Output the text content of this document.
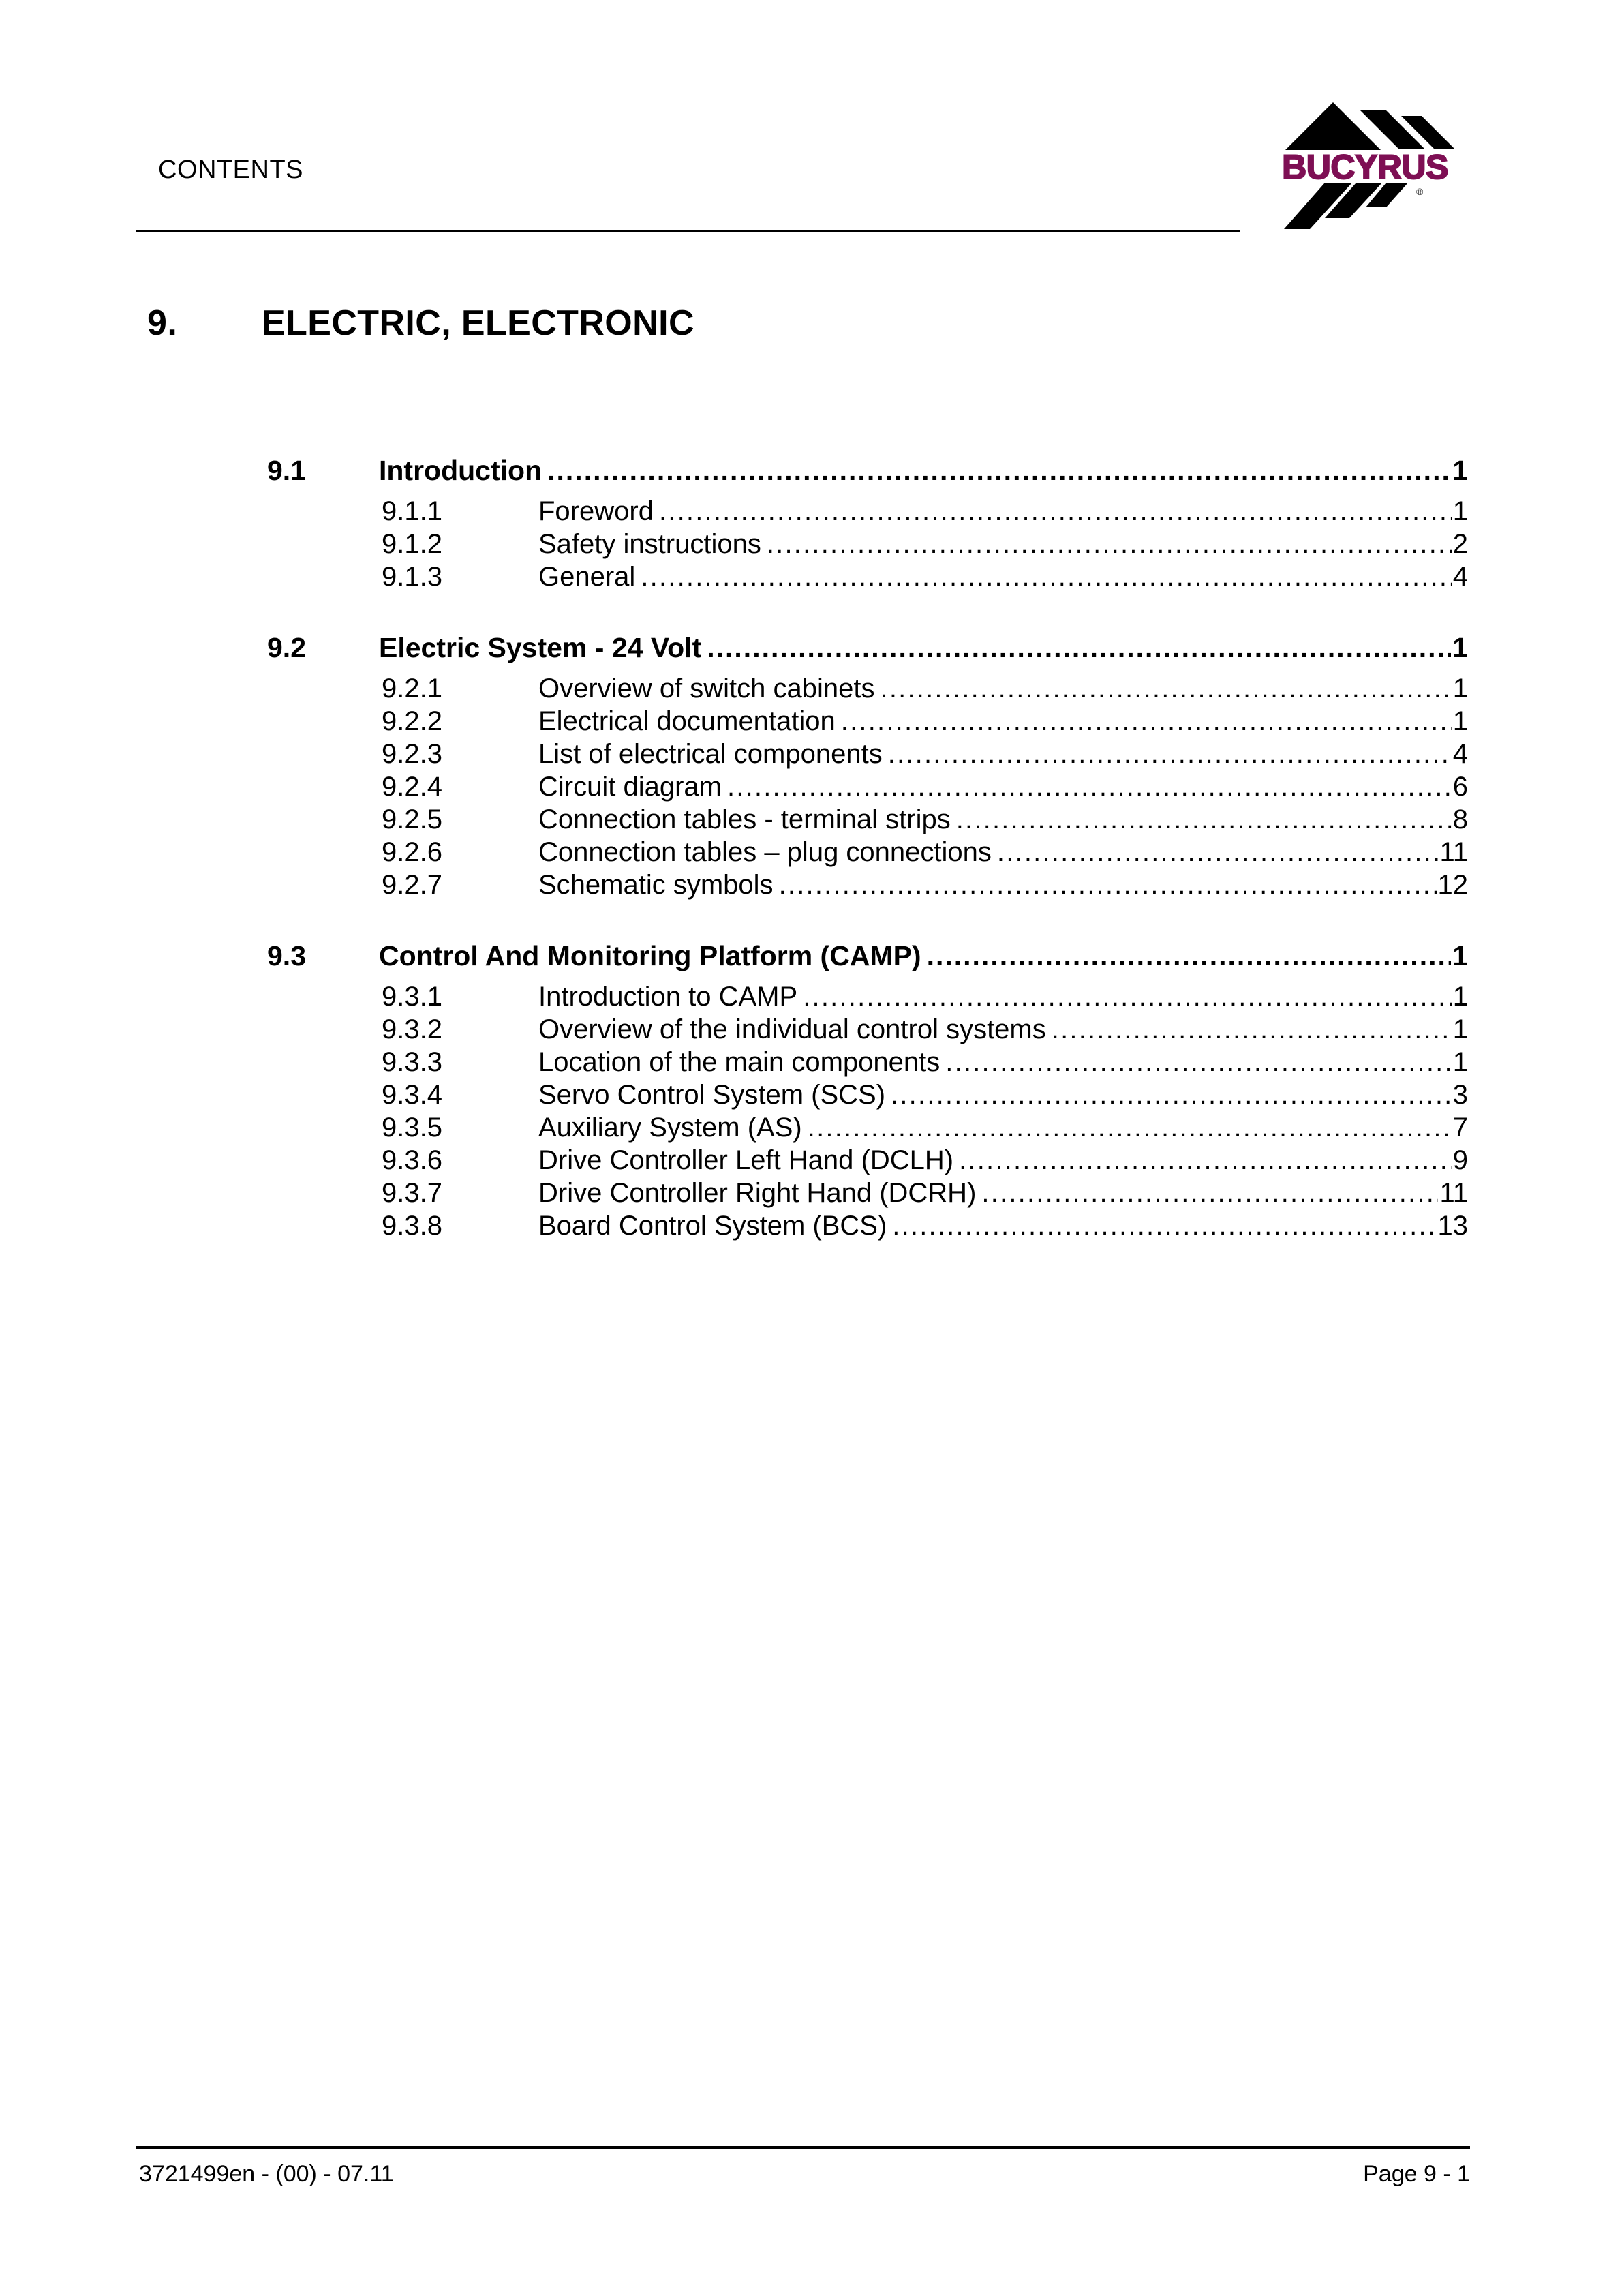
CONTENTS	BUCYRUS
®
9. ELECTRIC, ELECTRONIC
9.1	Introduction .....	1
9.1.1	Foreword .....	1
9.1.2	Safety instructions .....	2
9.1.3	General .....	4
9.2	Electric System - 24 Volt .....	1
9.2.1	Overview of switch cabinets .....	1
9.2.2	Electrical documentation .....	1
9.2.3	List of electrical components .....	4
9.2.4	Circuit diagram .....	6
9.2.5	Connection tables - terminal strips .....	8
9.2.6	Connection tables – plug connections .....	11
9.2.7	Schematic symbols .....	12
9.3	Control And Monitoring Platform (CAMP) .....	1
9.3.1	Introduction to CAMP .....	1
9.3.2	Overview of the individual control systems .....	1
9.3.3	Location of the main components .....	1
9.3.4	Servo Control System (SCS) .....	3
9.3.5	Auxiliary System (AS) .....	7
9.3.6	Drive Controller Left Hand (DCLH) .....	9
9.3.7	Drive Controller Right Hand (DCRH) .....	11
9.3.8	Board Control System (BCS) .....	13
3721499en - (00) - 07.11	Page 9 - 1
